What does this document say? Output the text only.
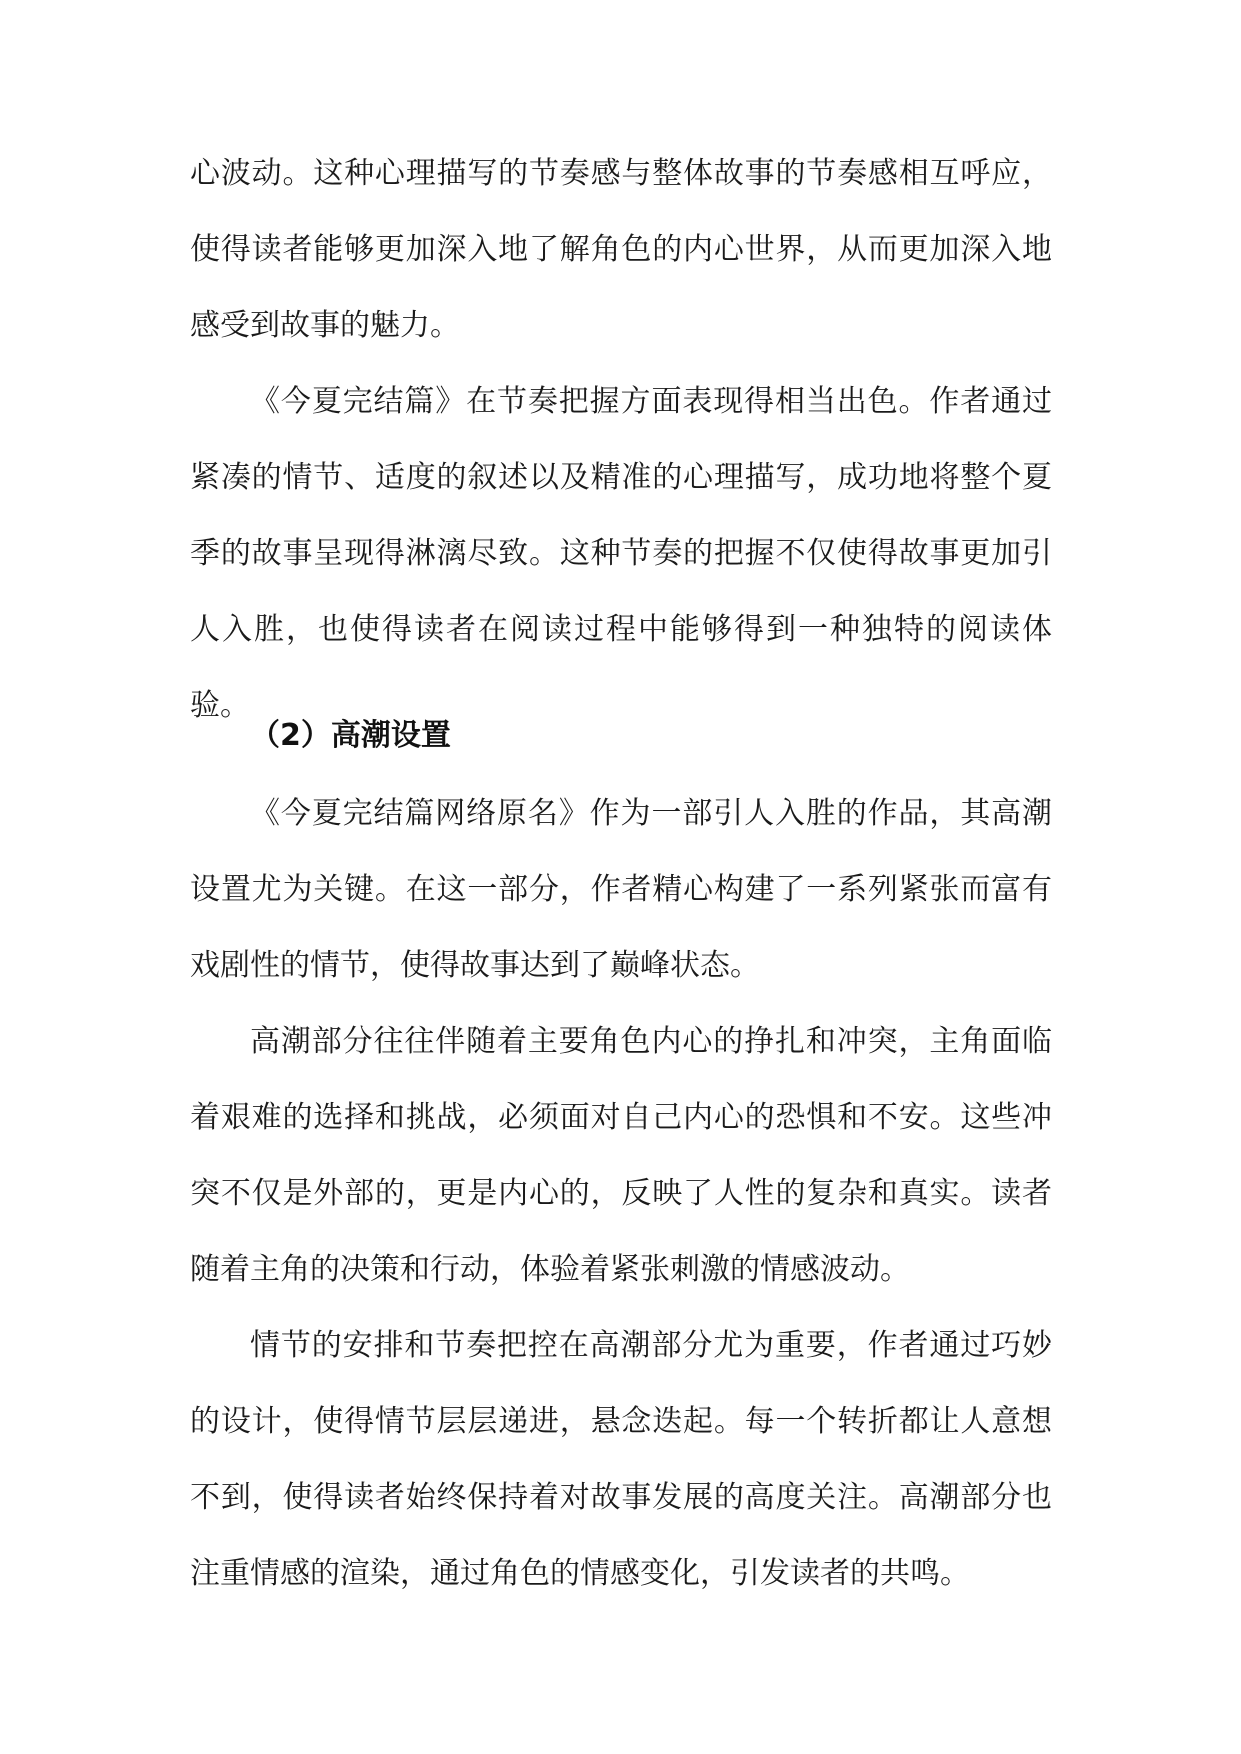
心波动。这种心理描写的节奏感与整体故事的节奏感相互呼应，使得读者能够更加深入地了解角色的内心世界，从而更加深入地感受到故事的魅力。

《今夏完结篇》在节奏把握方面表现得相当出色。作者通过紧凑的情节、适度的叙述以及精准的心理描写，成功地将整个夏季的故事呈现得淋漓尽致。这种节奏的把握不仅使得故事更加引人入胜，也使得读者在阅读过程中能够得到一种独特的阅读体验。

（2）高潮设置

《今夏完结篇网络原名》作为一部引人入胜的作品，其高潮设置尤为关键。在这一部分，作者精心构建了一系列紧张而富有戏剧性的情节，使得故事达到了巅峰状态。

高潮部分往往伴随着主要角色内心的挣扎和冲突，主角面临着艰难的选择和挑战，必须面对自己内心的恐惧和不安。这些冲突不仅是外部的，更是内心的，反映了人性的复杂和真实。读者随着主角的决策和行动，体验着紧张刺激的情感波动。

情节的安排和节奏把控在高潮部分尤为重要，作者通过巧妙的设计，使得情节层层递进，悬念迭起。每一个转折都让人意想不到，使得读者始终保持着对故事发展的高度关注。高潮部分也注重情感的渲染，通过角色的情感变化，引发读者的共鸣。
